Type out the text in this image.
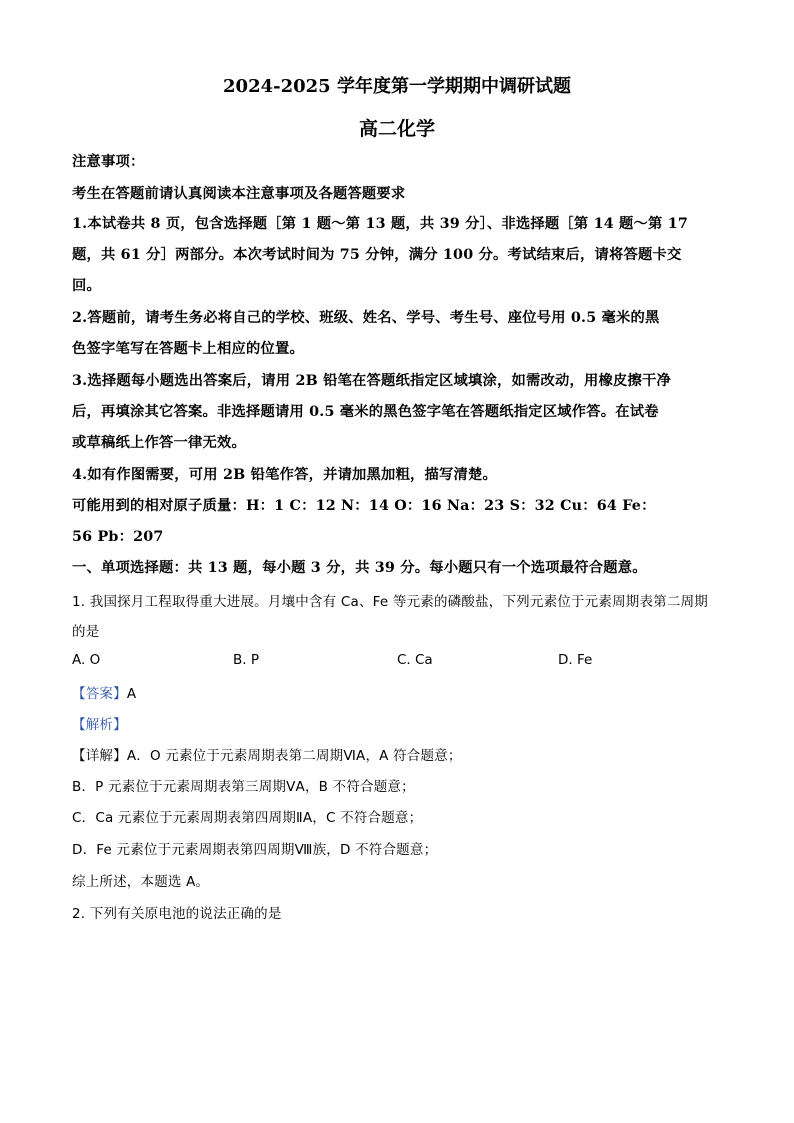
2024-2025 学年度第一学期期中调研试题
高二化学
注意事项：
考生在答题前请认真阅读本注意事项及各题答题要求
1.本试卷共 8 页，包含选择题［第 1 题～第 13 题，共 39 分］、非选择题［第 14 题～第 17
题，共 61 分］两部分。本次考试时间为 75 分钟，满分 100 分。考试结束后，请将答题卡交
回。
2.答题前，请考生务必将自己的学校、班级、姓名、学号、考生号、座位号用 0.5 毫米的黑
色签字笔写在答题卡上相应的位置。
3.选择题每小题选出答案后，请用 2B 铅笔在答题纸指定区域填涂，如需改动，用橡皮擦干净
后，再填涂其它答案。非选择题请用 0.5 毫米的黑色签字笔在答题纸指定区域作答。在试卷
或草稿纸上作答一律无效。
4.如有作图需要，可用 2B 铅笔作答，并请加黑加粗，描写清楚。
可能用到的相对原子质量：H：1 C：12 N：14 O：16 Na：23 S：32 Cu：64 Fe：
56 Pb：207
一、单项选择题：共 13 题，每小题 3 分，共 39 分。每小题只有一个选项最符合题意。
1. 我国探月工程取得重大进展。月壤中含有 Ca、Fe 等元素的磷酸盐，下列元素位于元素周期表第二周期
的是
A. O	B. P	C. Ca	D. Fe
【答案】A
【解析】
【详解】A．O 元素位于元素周期表第二周期ⅥA，A 符合题意；
B．P 元素位于元素周期表第三周期ⅤA，B 不符合题意；
C．Ca 元素位于元素周期表第四周期ⅡA，C 不符合题意；
D．Fe 元素位于元素周期表第四周期Ⅷ族，D 不符合题意；
综上所述，本题选 A。
2. 下列有关原电池的说法正确的是
